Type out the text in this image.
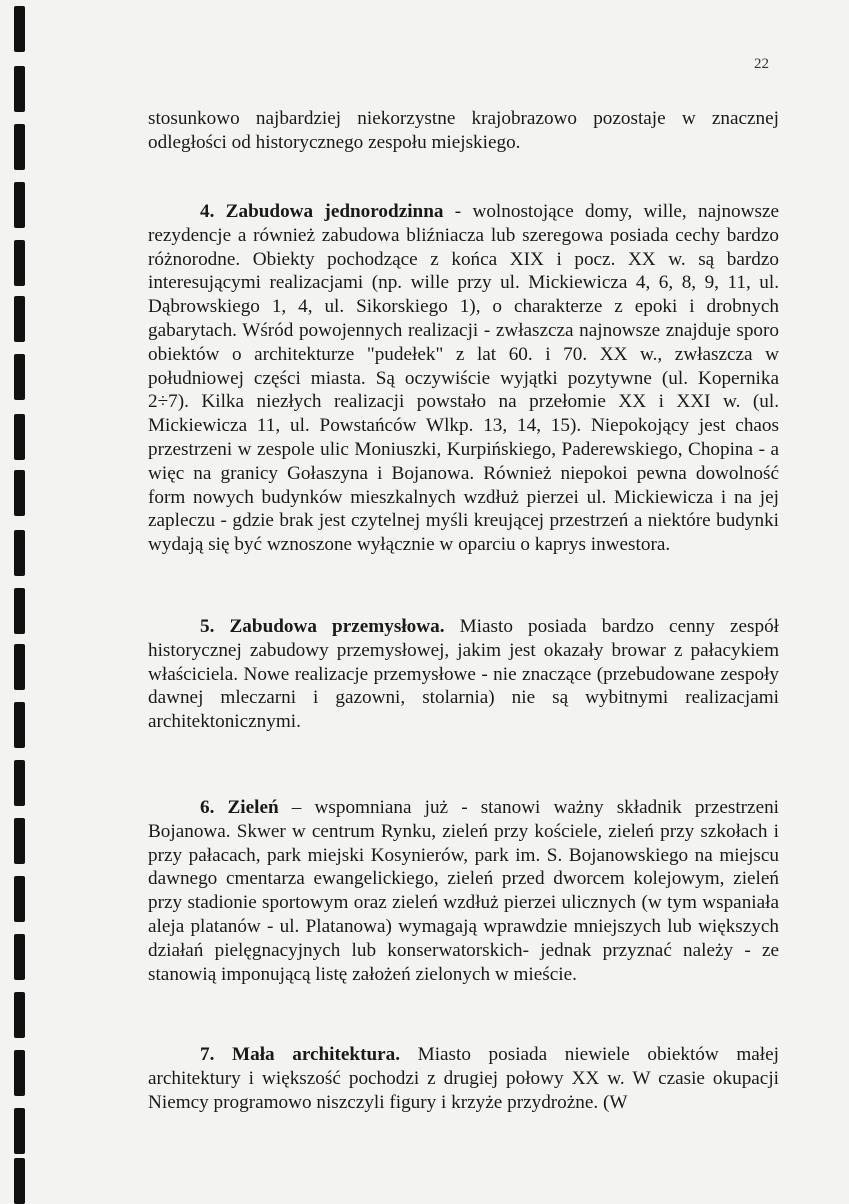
22
stosunkowo najbardziej niekorzystne krajobrazowo pozostaje w znacznej odległości od historycznego zespołu miejskiego.
4. Zabudowa jednorodzinna - wolnostojące domy, wille, najnowsze rezydencje a również zabudowa bliźniacza lub szeregowa posiada cechy bardzo różnorodne. Obiekty pochodzące z końca XIX i pocz. XX w. są bardzo interesującymi realizacjami (np. wille przy ul. Mickiewicza 4, 6, 8, 9, 11, ul. Dąbrowskiego 1, 4, ul. Sikorskiego 1), o charakterze z epoki i drobnych gabarytach. Wśród powojennych realizacji - zwłaszcza najnowsze znajduje sporo obiektów o architekturze "pudełek" z lat 60. i 70. XX w., zwłaszcza w południowej części miasta. Są oczywiście wyjątki pozytywne (ul. Kopernika 2÷7). Kilka niezłych realizacji powstało na przełomie XX i XXI w. (ul. Mickiewicza 11, ul. Powstańców Wlkp. 13, 14, 15). Niepokojący jest chaos przestrzeni w zespole ulic Moniuszki, Kurpińskiego, Paderewskiego, Chopina - a więc na granicy Gołaszyna i Bojanowa. Również niepokoi pewna dowolność form nowych budynków mieszkalnych wzdłuż pierzei ul. Mickiewicza i na jej zapleczu - gdzie brak jest czytelnej myśli kreującej przestrzeń a niektóre budynki wydają się być wznoszone wyłącznie w oparciu o kaprys inwestora.
5. Zabudowa przemysłowa. Miasto posiada bardzo cenny zespół historycznej zabudowy przemysłowej, jakim jest okazały browar z pałacykiem właściciela. Nowe realizacje przemysłowe - nie znaczące (przebudowane zespoły dawnej mleczarni i gazowni, stolarnia) nie są wybitnymi realizacjami architektonicznymi.
6. Zieleń – wspomniana już - stanowi ważny składnik przestrzeni Bojanowa. Skwer w centrum Rynku, zieleń przy kościele, zieleń przy szkołach i przy pałacach, park miejski Kosynierów, park im. S. Bojanowskiego na miejscu dawnego cmentarza ewangelickiego, zieleń przed dworcem kolejowym, zieleń przy stadionie sportowym oraz zieleń wzdłuż pierzei ulicznych (w tym wspaniała aleja platanów - ul. Platanowa) wymagają wprawdzie mniejszych lub większych działań pielęgnacyjnych lub konserwatorskich- jednak przyznać należy - ze stanowią imponującą listę założeń zielonych w mieście.
7. Mała architektura. Miasto posiada niewiele obiektów małej architektury i większość pochodzi z drugiej połowy XX w. W czasie okupacji Niemcy programowo niszczyli figury i krzyże przydrożne. (W
